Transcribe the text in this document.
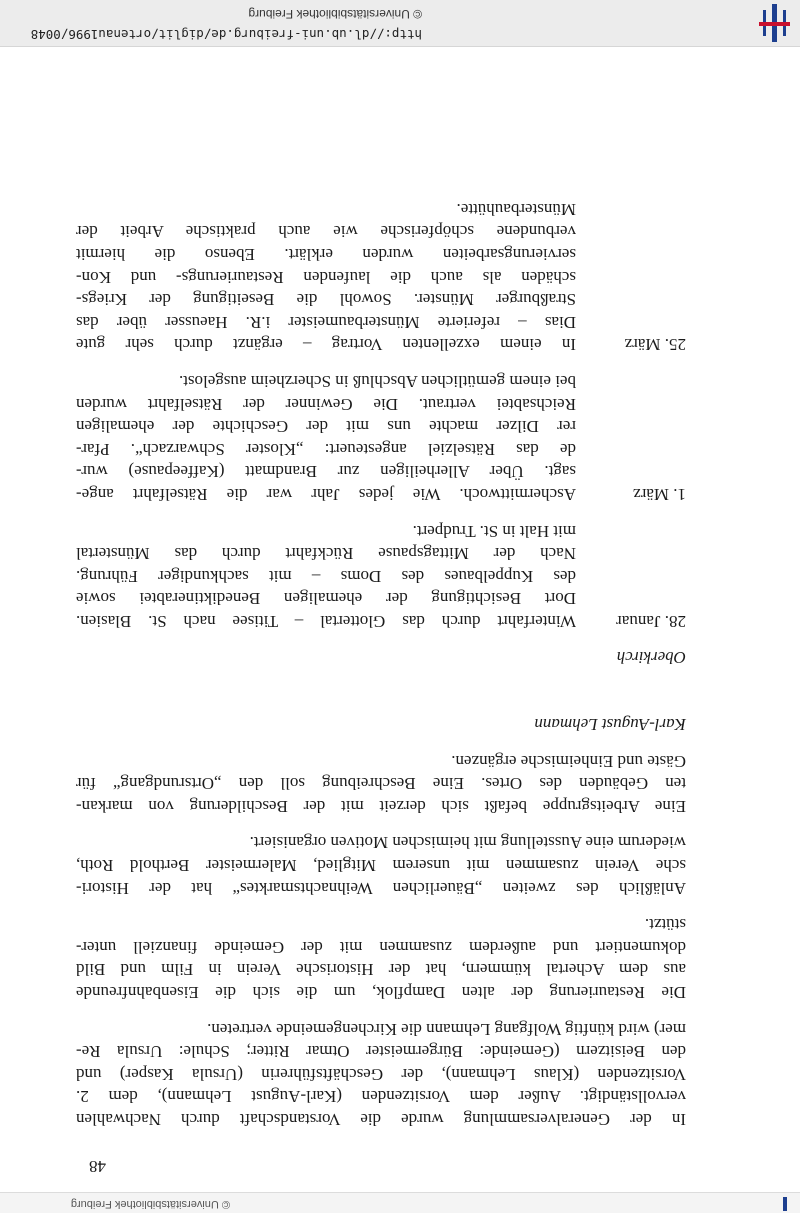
http://dl.ub.uni-freiburg.de/diglit/ortenau1996/0048
© Universitätsbibliothek Freiburg
48

In der Generalversammlung wurde die Vorstandschaft durch Nachwahlen
vervollständigt. Außer dem Vorsitzenden (Karl-August Lehmann), dem 2.
Vorsitzenden (Klaus Lehmann), der Geschäftsführerin (Ursula Kasper) und
den Beisitzern (Gemeinde: Bürgermeister Otmar Ritter; Schule: Ursula Re-
mer) wird künftig Wolfgang Lehmann die Kirchengemeinde vertreten.

Die Restaurierung der alten Dampflok, um die sich die Eisenbahnfreunde
aus dem Achertal kümmern, hat der Historische Verein in Film und Bild
dokumentiert und außerdem zusammen mit der Gemeinde finanziell unter-
stützt.

Anläßlich des zweiten „Bäuerlichen Weihnachtsmarktes“ hat der Histori-
sche Verein zusammen mit unserem Mitglied, Malermeister Berthold Roth,
wiederum eine Ausstellung mit heimischen Motiven organisiert.

Eine Arbeitsgruppe befaßt sich derzeit mit der Beschilderung von markan-
ten Gebäuden des Ortes. Eine Beschreibung soll den „Ortsrundgang“ für
Gäste und Einheimische ergänzen.

Karl-August Lehmann

Oberkirch

28. Januar
Winterfahrt durch das Glottertal – Titisee nach St. Blasien.
Dort Besichtigung der ehemaligen Benediktinerabtei sowie
des Kuppelbaues des Doms – mit sachkundiger Führung.
Nach der Mittagspause Rückfahrt durch das Münstertal
mit Halt in St. Trudpert.
1. März
Aschermittwoch. Wie jedes Jahr war die Rätselfahrt ange-
sagt. Über Allerheiligen zur Brandmatt (Kaffeepause) wur-
de das Rätselziel angesteuert: „Kloster Schwarzach“. Pfar-
rer Dilzer machte uns mit der Geschichte der ehemaligen
Reichsabtei vertraut. Die Gewinner der Rätselfahrt wurden
bei einem gemütlichen Abschluß in Scherzheim ausgelost.
25. März
In einem exzellenten Vortrag – ergänzt durch sehr gute
Dias – referierte Münsterbaumeister i.R. Haeusser über das
Straßburger Münster. Sowohl die Beseitigung der Kriegs-
schäden als auch die laufenden Restaurierungs- und Kon-
servierungsarbeiten wurden erklärt. Ebenso die hiermit
verbundene schöpferische wie auch praktische Arbeit der
Münsterbauhütte.
© Universitätsbibliothek Freiburg
